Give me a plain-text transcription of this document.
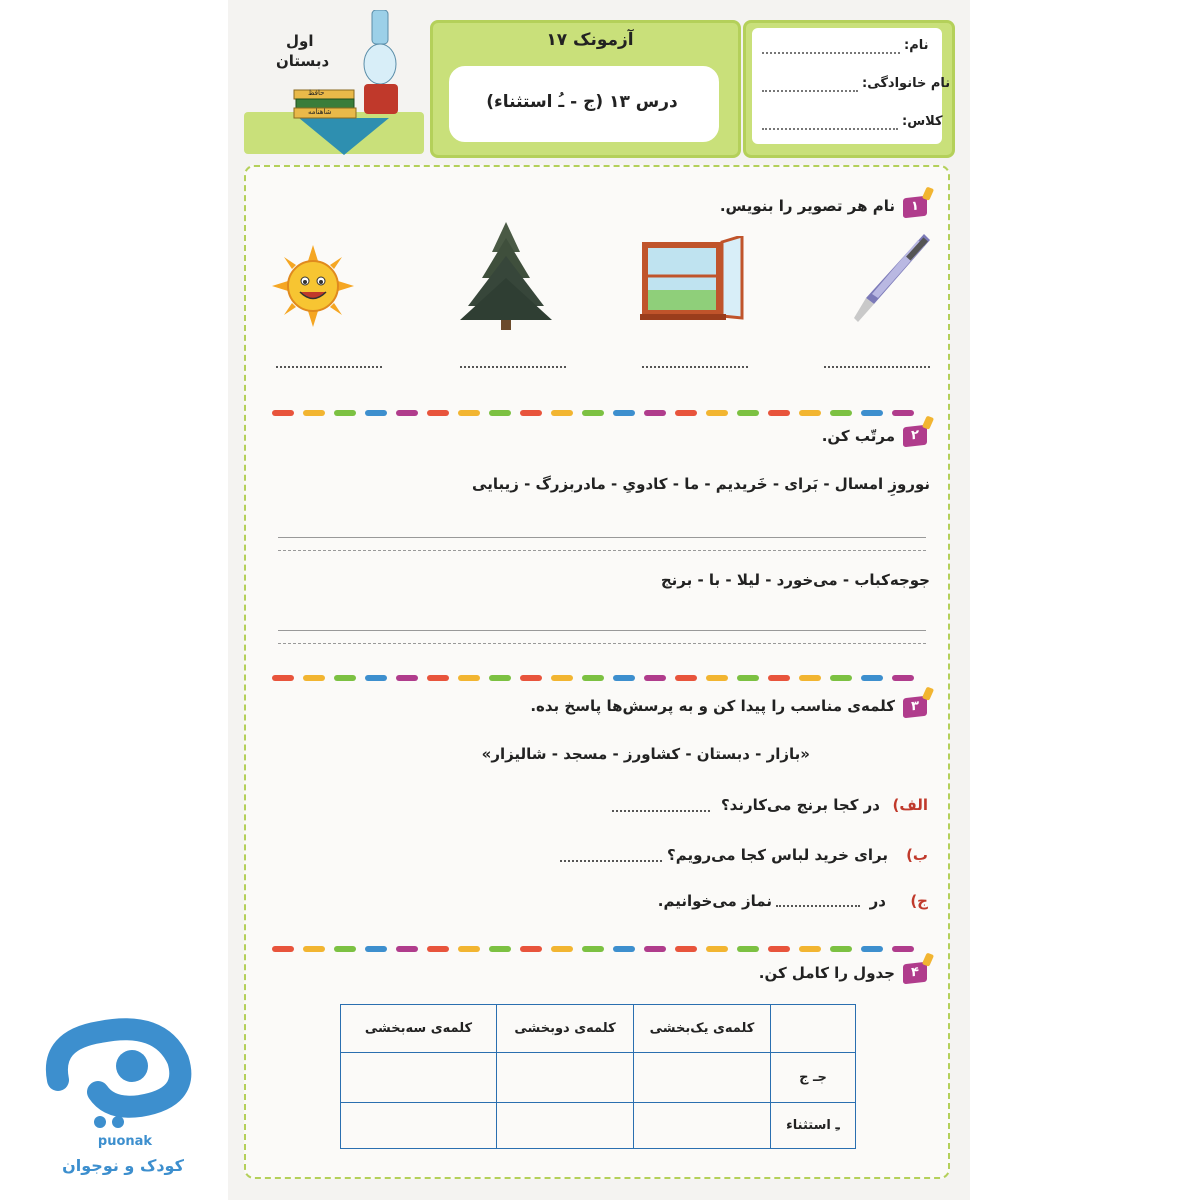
اول
دبستان
حافظ
شاهنامه
آزمونک ۱۷
درس ۱۳ (ج - ـُ استثناء)
نام:
نام خانوادگی:
کلاس:
۱
نام هر تصویر را بنویس.
۲
مرتّب کن.
نوروزِ امسال - بَرای - خَریدیم - ما - کادویِ - مادربزرگ - زیبایی
جوجه‌کباب - می‌خورد - لیلا - با - برنج
۳
کلمه‌ی مناسب را پیدا کن و به پرسش‌ها پاسخ بده.
«بازار - دبستان - کشاورز - مسجد - شالیزار»
الف)
در کجا برنج می‌کارند؟
ب)
برای خرید لباس کجا می‌رویم؟
ج)
در
نماز می‌خوانیم.
۴
جدول را کامل کن.
	کلمه‌ی یک‌بخشی	کلمه‌ی دوبخشی	کلمه‌ی سه‌بخشی
جـ ج			
ـِ استثناء			
puonak
کودک و نوجوان
